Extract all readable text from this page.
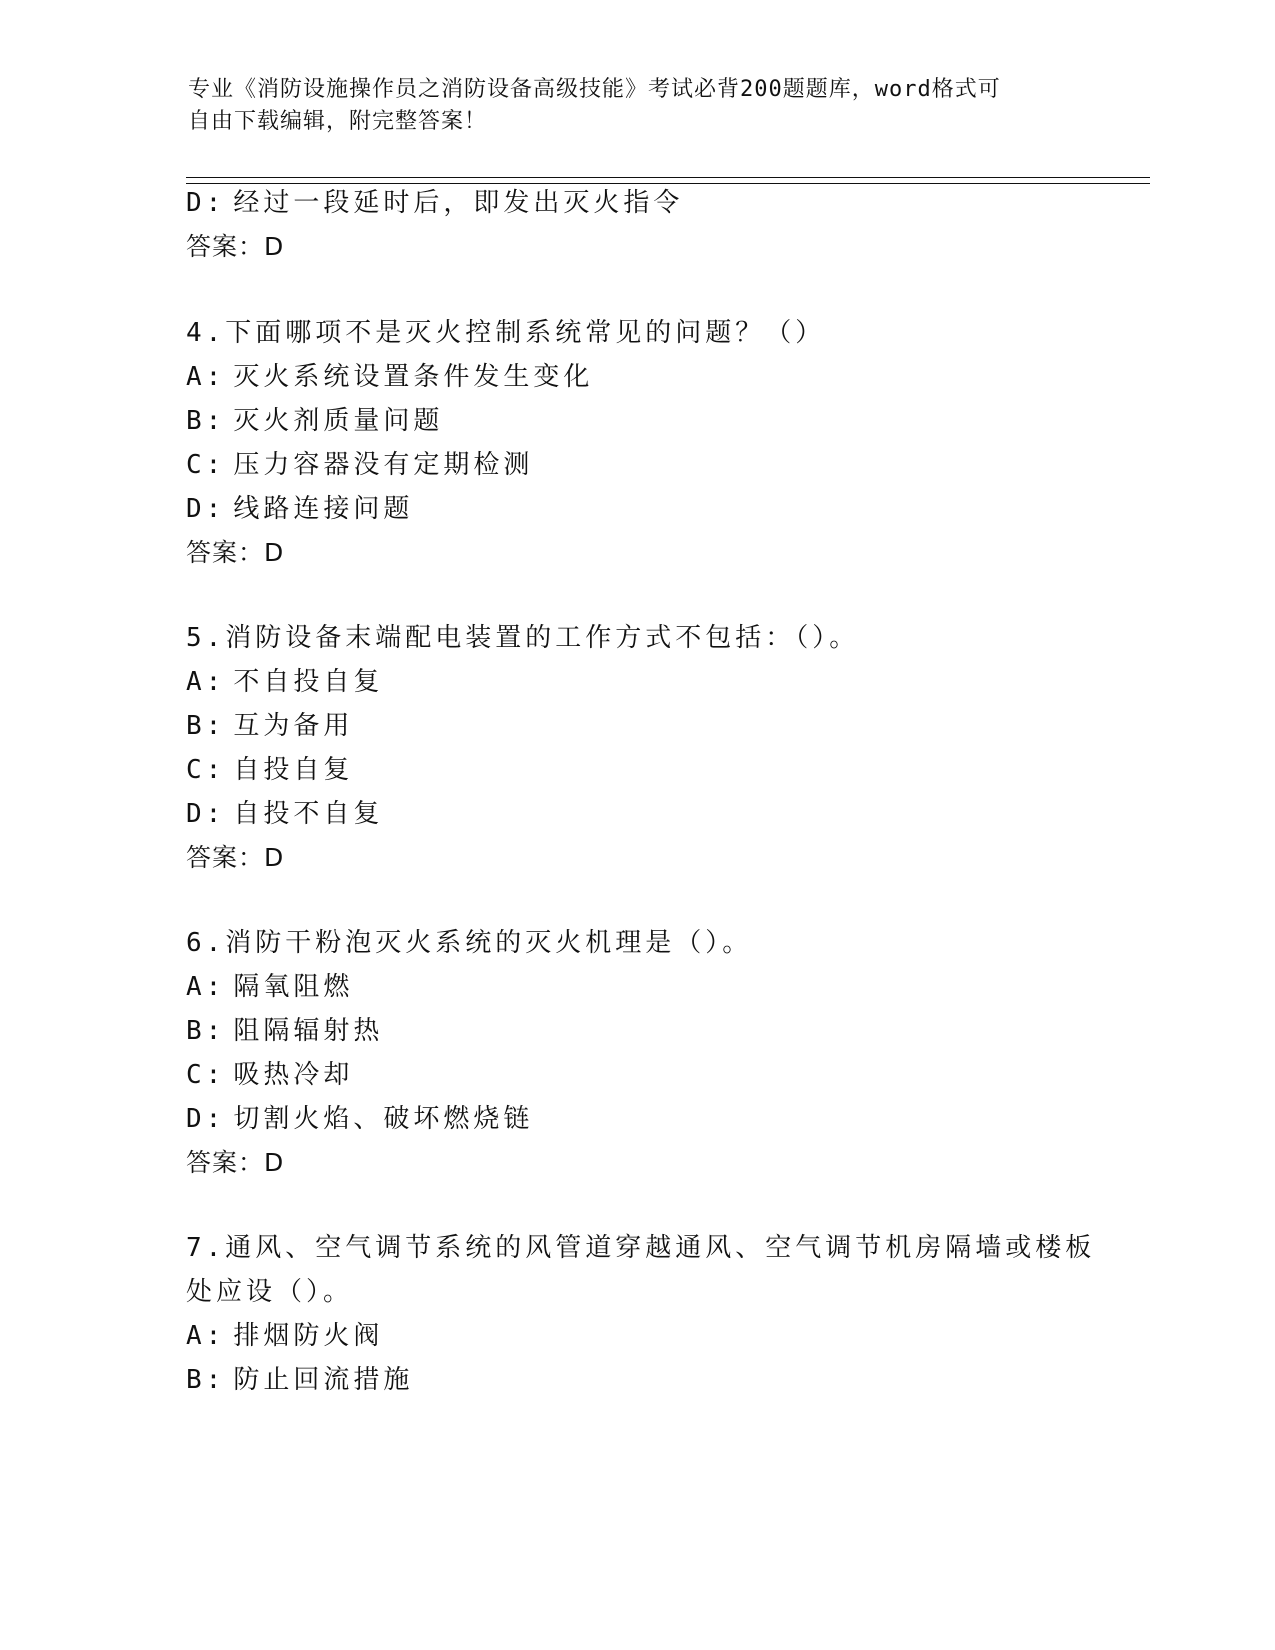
专业《消防设施操作员之消防设备高级技能》考试必背200题题库，word格式可
自由下载编辑，附完整答案！
D: 经过一段延时后，即发出灭火指令
答案：D
4.下面哪项不是灭火控制系统常见的问题？（）
A: 灭火系统设置条件发生变化
B: 灭火剂质量问题
C: 压力容器没有定期检测
D: 线路连接问题
答案：D
5.消防设备末端配电装置的工作方式不包括：（）。
A: 不自投自复
B: 互为备用
C: 自投自复
D: 自投不自复
答案：D
6.消防干粉泡灭火系统的灭火机理是（）。
A: 隔氧阻燃
B: 阻隔辐射热
C: 吸热冷却
D: 切割火焰、破坏燃烧链
答案：D
7.通风、空气调节系统的风管道穿越通风、空气调节机房隔墙或楼板
处应设（）。
A: 排烟防火阀
B: 防止回流措施
